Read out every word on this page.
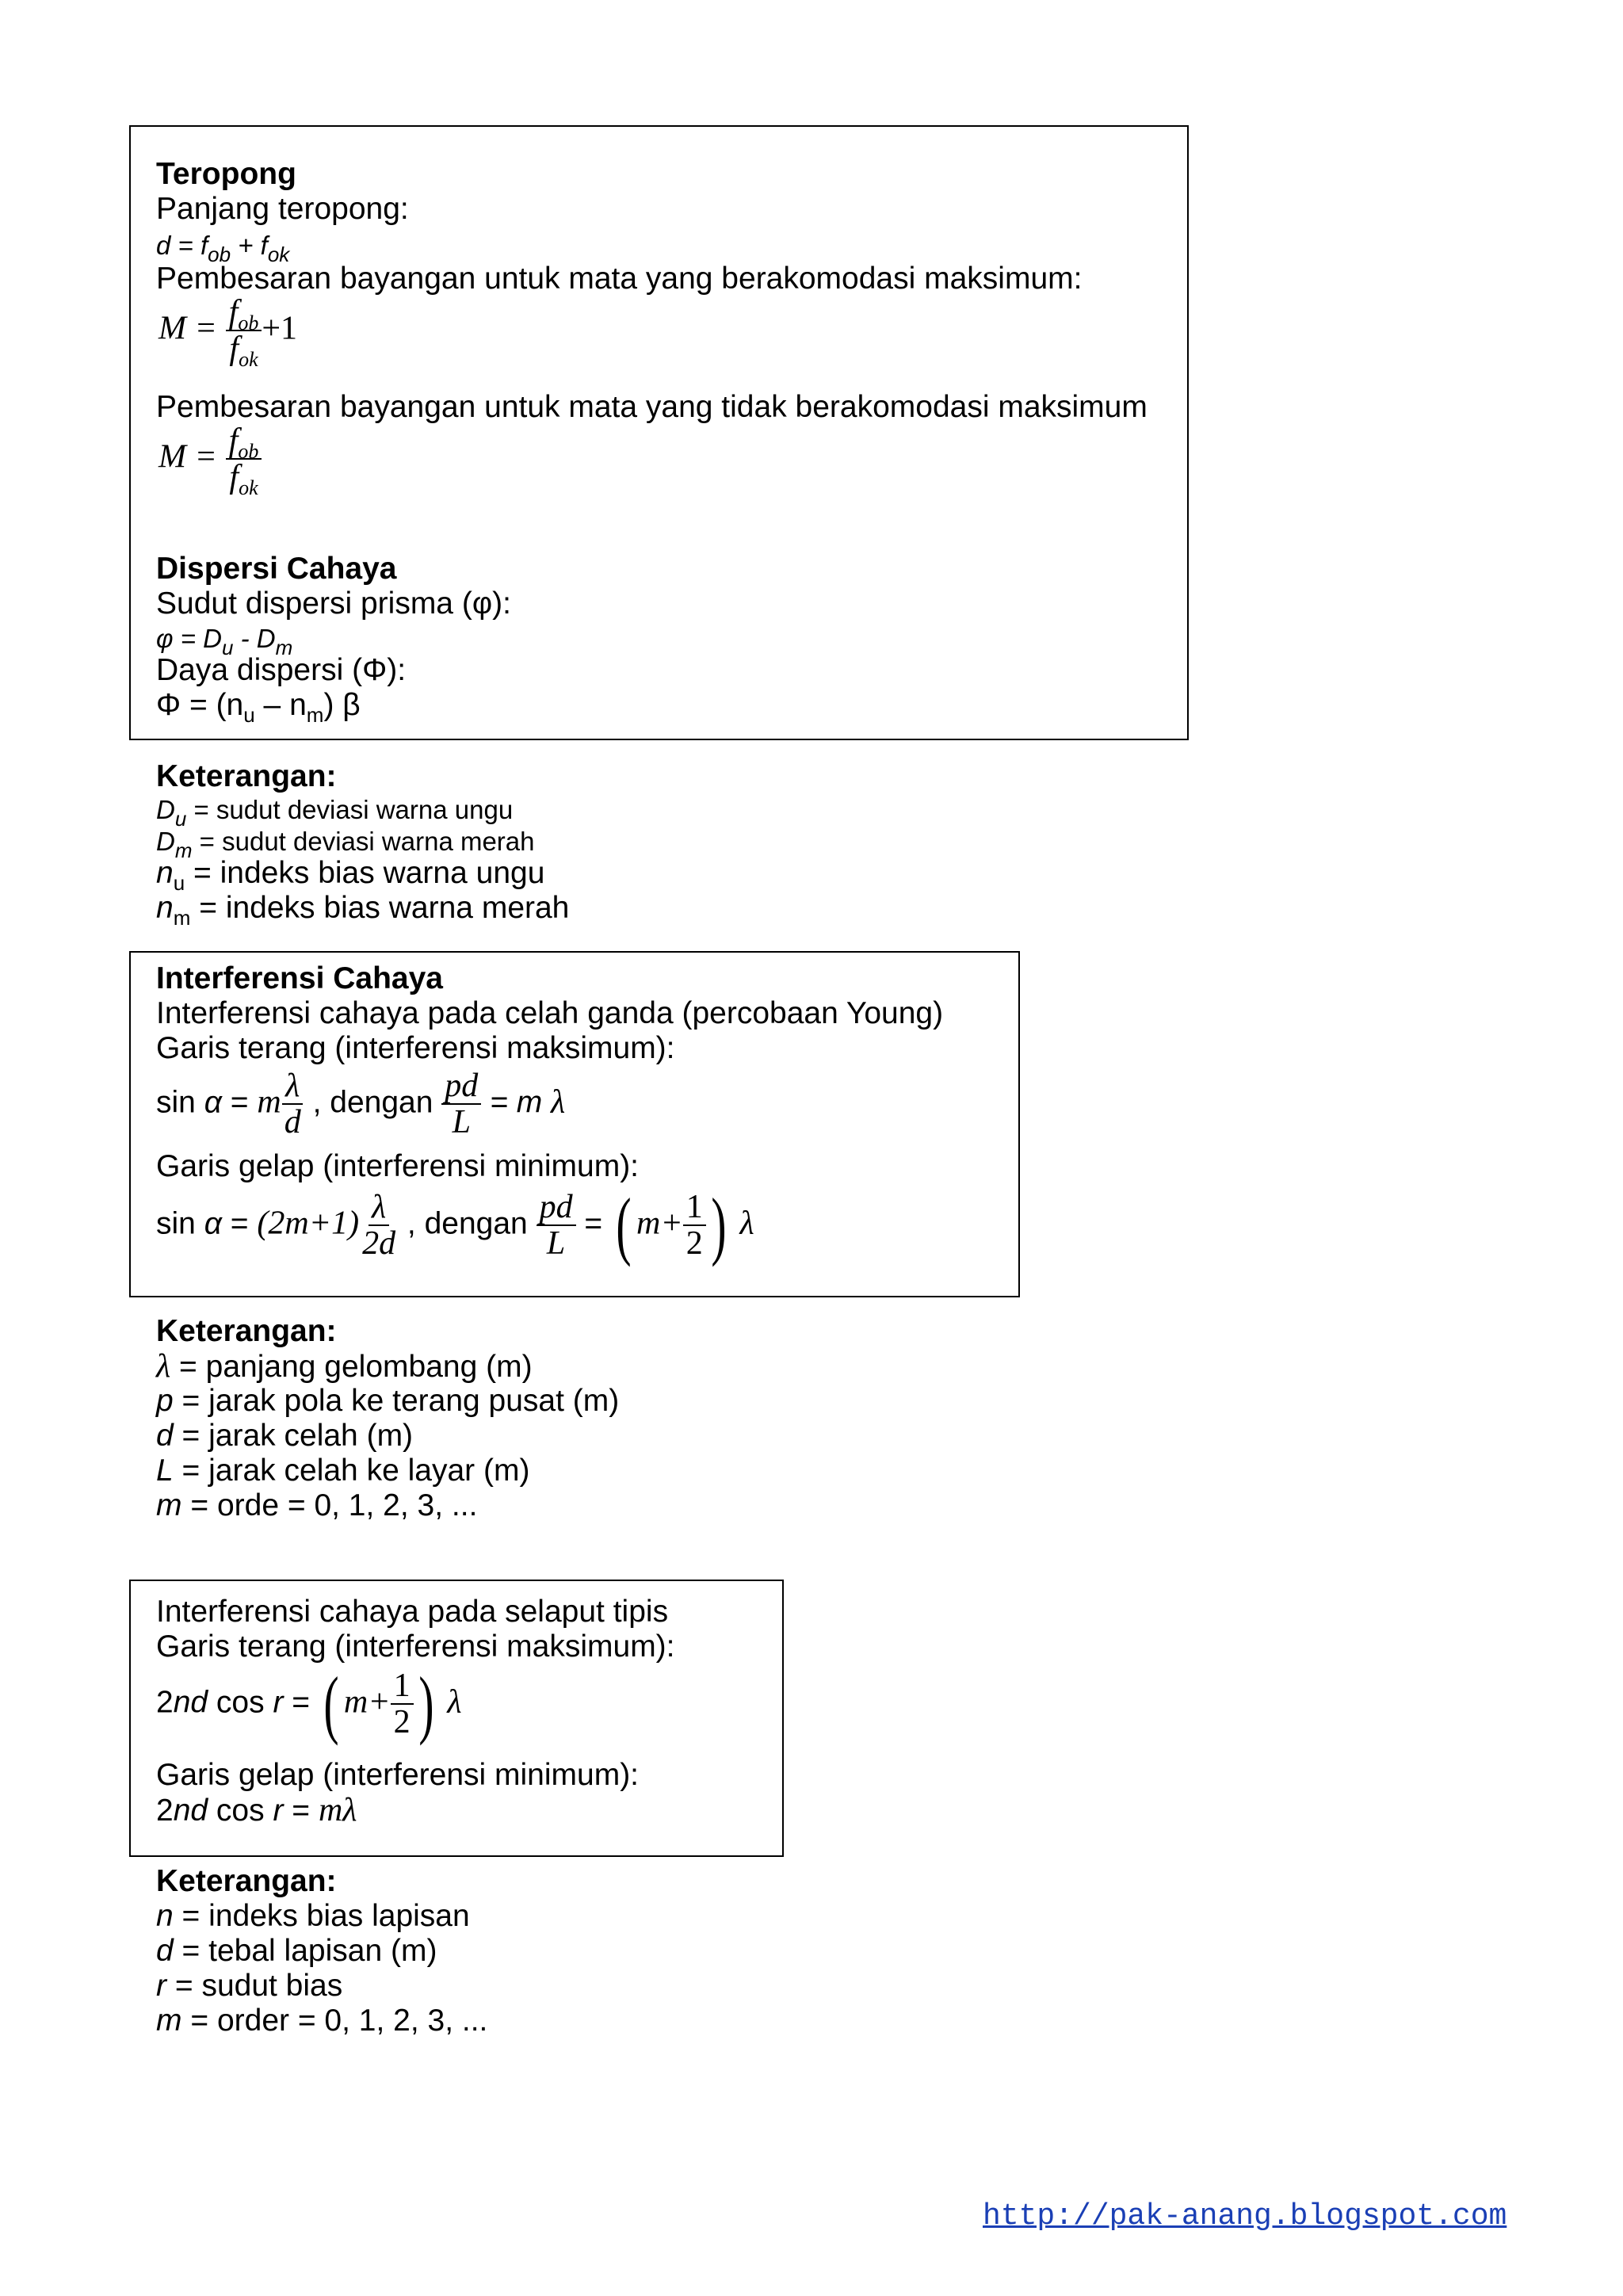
Teropong
Panjang teropong:
$d = f_{ob} + f_{ok}$
Pembesaran bayangan untuk mata yang berakomodasi maksimum:
$M = \frac{f_{ob}}{f_{ok}} +1$
Pembesaran bayangan untuk mata yang tidak berakomodasi maksimum
$M = \frac{f_{ob}}{f_{ok}}$
Dispersi Cahaya
Sudut dispersi prisma (φ):
$\varphi = D_u - D_m$
Daya dispersi (Φ):
$\Phi = (n_u - n_m)$ β
Keterangan:
$D_u$ = sudut deviasi warna ungu
$D_m$ = sudut deviasi warna merah
$n_u$ = indeks bias warna ungu
$n_m$ = indeks bias warna merah
Interferensi Cahaya
Interferensi cahaya pada celah ganda (percobaan Young)
Garis terang (interferensi maksimum):
sin α = m $\frac{\lambda}{d}$ , dengan $\frac{pd}{L} = m$ λ
Garis gelap (interferensi minimum):
$\sin \alpha = (2m+1) \frac{\lambda}{2d}$ , dengan $\frac{pd}{L}$ = ( $m+ \frac{1}{2}$ ) λ
Keterangan:
λ = panjang gelombang (m)
p = jarak pola ke terang pusat (m)
d = jarak celah (m)
L = jarak celah ke layar (m)
m = orde = 0, 1, 2, 3, ...
Interferensi cahaya pada selaput tipis
Garis terang (interferensi maksimum):
2nd cos r = ( $m+ \frac{1}{2}$ ) λ
Garis gelap (interferensi minimum):
2nd cos r = mλ
Keterangan:
n = indeks bias lapisan
d = tebal lapisan (m)
r = sudut bias
m = order = 0, 1, 2, 3, ...
http://pak-anang.blogspot.com
